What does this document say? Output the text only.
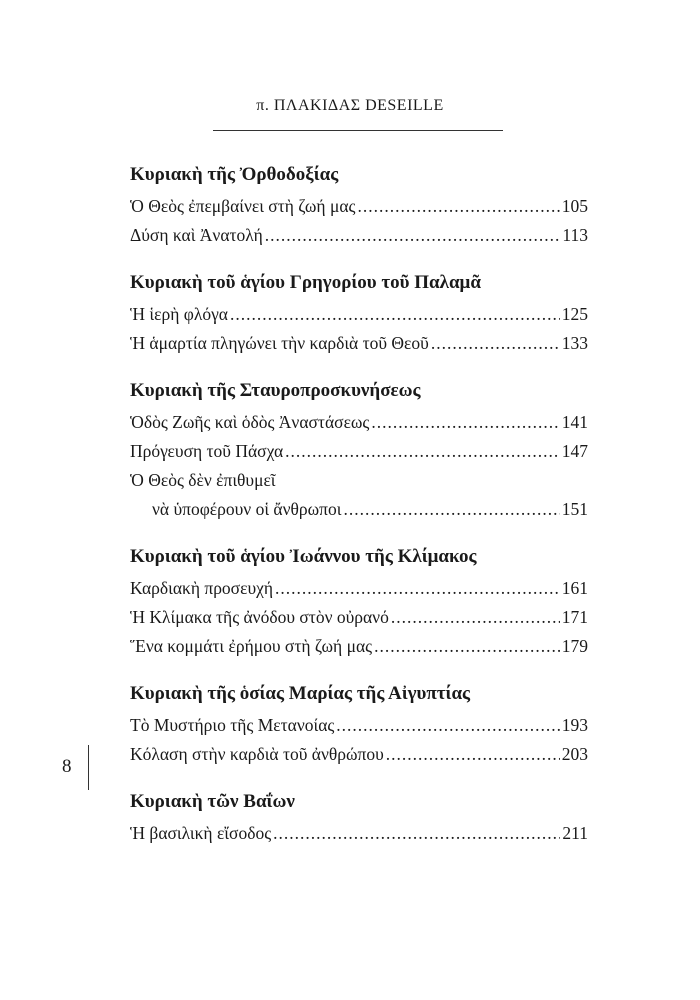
π. ΠΛΑΚΙΔΑΣ DESEILLE
Κυριακὴ τῆς Ὀρθοδοξίας
Ὁ Θεὸς ἐπεμβαίνει στὴ ζωή μας .....	105
Δύση καὶ Ἀνατολή .....	113
Κυριακὴ τοῦ ἁγίου Γρηγορίου τοῦ Παλαμᾶ
Ἡ ἱερὴ φλόγα .....	125
Ἡ ἁμαρτία πληγώνει τὴν καρδιὰ τοῦ Θεοῦ .....	133
Κυριακὴ τῆς Σταυροπροσκυνήσεως
Ὁδὸς Ζωῆς καὶ ὁδὸς Ἀναστάσεως .....	141
Πρόγευση τοῦ Πάσχα .....	147
Ὁ Θεὸς δὲν ἐπιθυμεῖ
νὰ ὑποφέρουν οἱ ἄνθρωποι .....	151
Κυριακὴ τοῦ ἁγίου Ἰωάννου τῆς Κλίμακος
Καρδιακὴ προσευχή .....	161
Ἡ Κλίμακα τῆς ἀνόδου στὸν οὐρανό .....	171
Ἕνα κομμάτι ἐρήμου στὴ ζωή μας .....	179
Κυριακὴ τῆς ὁσίας Μαρίας τῆς Αἰγυπτίας
Τὸ Μυστήριο τῆς Μετανοίας .....	193
Κόλαση στὴν καρδιὰ τοῦ ἀνθρώπου .....	203
Κυριακὴ τῶν Βαΐων
Ἡ βασιλικὴ εἴσοδος .....	211
8
